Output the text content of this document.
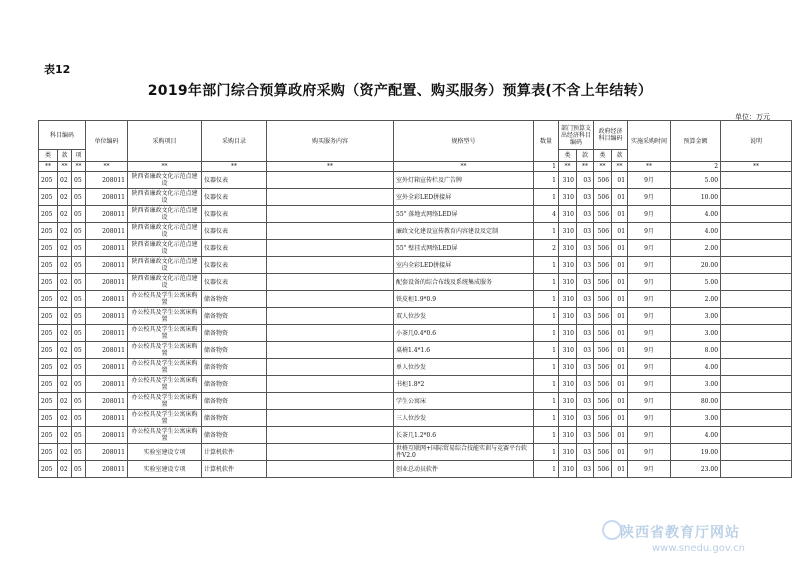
表12
2019年部门综合预算政府采购（资产配置、购买服务）预算表(不含上年结转）
单位：万元
科目编码			单位编码	采购项目	采购目录	购买服务内容	规格型号	数量	部门预算支出经济科目编码		政府经济科目编码		实施采购时间	预算金额	说明
类	款	项							类	款	类	款			
**	**	**	**	**	**	**	**	1	**	**	**	**	**	2	**
205	02	05	208011	陕西省廉政文化示范点建设	仪器仪表		室外灯箱宣传栏及广告牌	1	310	03	506	01	9月	5.00	
205	02	05	208011	陕西省廉政文化示范点建设	仪器仪表		室外全彩LED拼接屏	1	310	03	506	01	9月	10.00	
205	02	05	208011	陕西省廉政文化示范点建设	仪器仪表		55" 落地式网络LED屏	4	310	03	506	01	9月	4.00	
205	02	05	208011	陕西省廉政文化示范点建设	仪器仪表		廉政文化建设宣传教育内容建设及定制	1	310	03	506	01	9月	4.00	
205	02	05	208011	陕西省廉政文化示范点建设	仪器仪表		55" 壁挂式网络LED屏	2	310	03	506	01	9月	2.00	
205	02	05	208011	陕西省廉政文化示范点建设	仪器仪表		室内全彩LED拼接屏	1	310	03	506	01	9月	20.00	
205	02	05	208011	陕西省廉政文化示范点建设	仪器仪表		配套设备的综合布线及系统集成服务	1	310	03	506	01	9月	5.00	
205	02	05	208011	办公校具及学生公寓床购置	储备物资		铁皮柜1.9*0.9	1	310	03	506	01	9月	2.00	
205	02	05	208011	办公校具及学生公寓床购置	储备物资		双人位沙发	1	310	03	506	01	9月	3.00	
205	02	05	208011	办公校具及学生公寓床购置	储备物资		小茶几0.4*0.6	1	310	03	506	01	9月	3.00	
205	02	05	208011	办公校具及学生公寓床购置	储备物资		桌椅1.4*1.6	1	310	03	506	01	9月	8.00	
205	02	05	208011	办公校具及学生公寓床购置	储备物资		单人位沙发	1	310	03	506	01	9月	4.00	
205	02	05	208011	办公校具及学生公寓床购置	储备物资		书柜1.8*2	1	310	03	506	01	9月	3.00	
205	02	05	208011	办公校具及学生公寓床购置	储备物资		学生公寓床	1	310	03	506	01	9月	80.00	
205	02	05	208011	办公校具及学生公寓床购置	储备物资		三人位沙发	1	310	03	506	01	9月	3.00	
205	02	05	208011	办公校具及学生公寓床购置	储备物资		长茶几1.2*0.6	1	310	03	506	01	9月	4.00	
205	02	05	208011	实验室建设专项	计算机软件		世格互联网+国际贸易综合技能实训与竞赛平台软件V2.0	1	310	03	506	01	9月	19.00	
205	02	05	208011	实验室建设专项	计算机软件		创业总动员软件	1	310	03	506	01	9月	23.00	
陕西省教育厅网站
www.snedu.gov.cn
